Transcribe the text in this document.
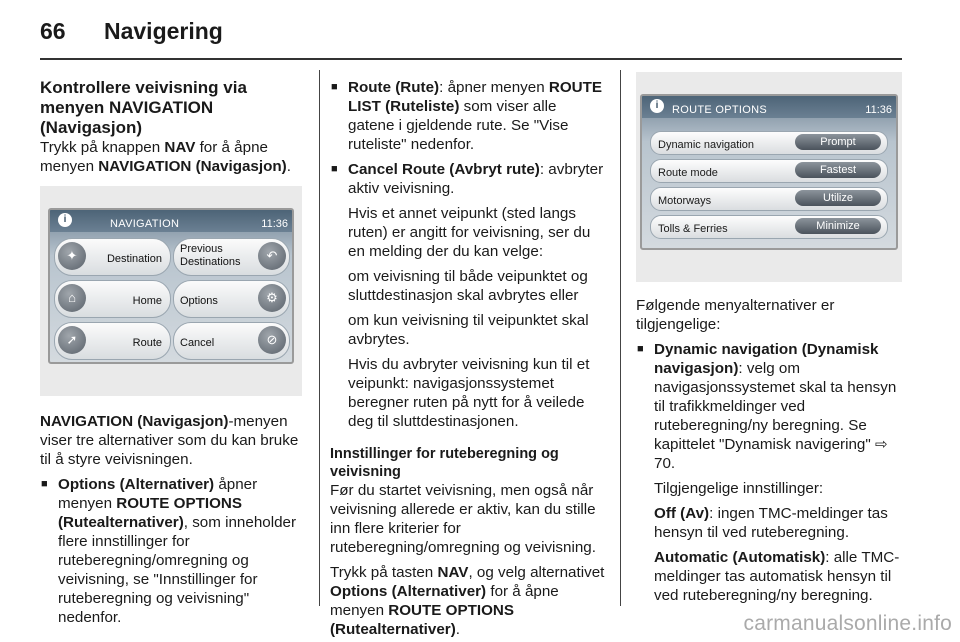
66 Navigering
Kontrollere veivisning via menyen NAVIGATION (Navigasjon)

Trykk på knappen NAV for å åpne menyen NAVIGATION (Navigasjon).

i	NAVIGATION	11:36
✦	Destination
Previous Destinations	↶
⌂	Home Options	⚙
➚	Route Cancel	⊘

NAVIGATION (Navigasjon)-menyen viser tre alternativer som du kan bruke til å styre veivisningen.

■ Options (Alternativer) åpner menyen ROUTE OPTIONS (Rutealternativer), som inneholder flere innstillinger for ruteberegning/omregning og veivisning, se "Innstillinger for ruteberegning og veivisning" nedenfor.

■ Route (Rute): åpner menyen ROUTE LIST (Ruteliste) som viser alle gatene i gjeldende rute. Se "Vise ruteliste" nedenfor.

■ Cancel Route (Avbryt rute): avbryter aktiv veivisning.

Hvis et annet veipunkt (sted langs ruten) er angitt for veivisning, ser du en melding der du kan velge:

om veivisning til både veipunktet og sluttdestinasjon skal avbrytes eller

om kun veivisning til veipunktet skal avbrytes.

Hvis du avbryter veivisning kun til et veipunkt: navigasjonssystemet beregner ruten på nytt for å veilede deg til sluttdestinasjonen.

Innstillinger for ruteberegning og veivisning

Før du startet veivisning, men også når veivisning allerede er aktiv, kan du stille inn flere kriterier for ruteberegning/omregning og veivisning.

Trykk på tasten NAV, og velg alternativet Options (Alternativer) for å åpne menyen ROUTE OPTIONS (Rutealternativer).

i	ROUTE OPTIONS	11:36
Dynamic navigation	Prompt
Route mode	Fastest
Motorways	Utilize
Tolls & Ferries	Minimize

Følgende menyalternativer er tilgjengelige:

■ Dynamic navigation (Dynamisk navigasjon): velg om navigasjonssystemet skal ta hensyn til trafikkmeldinger ved ruteberegning/ny beregning. Se kapittelet "Dynamisk navigering" ⇨ 70.

Tilgjengelige innstillinger:

Off (Av): ingen TMC-meldinger tas hensyn til ved ruteberegning.

Automatic (Automatisk): alle TMC-meldinger tas automatisk hensyn til ved ruteberegning/ny beregning.

carmanualsonline.info
